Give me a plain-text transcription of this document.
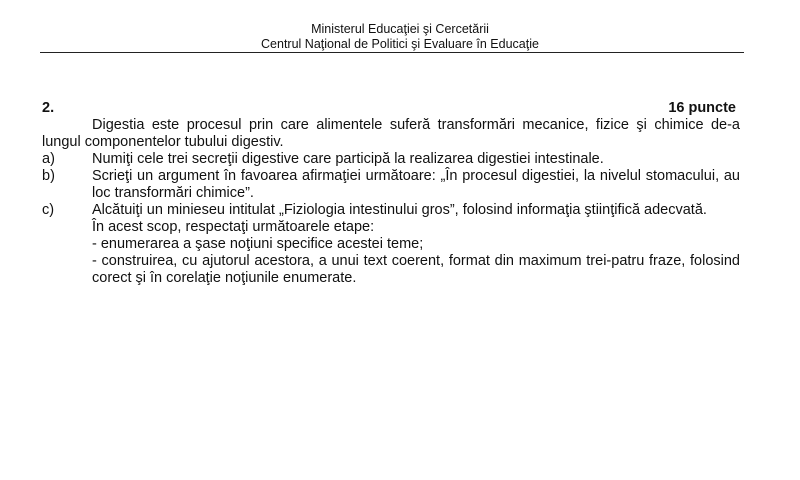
Ministerul Educaţiei şi Cercetării
Centrul Naţional de Politici şi Evaluare în Educaţie
2.	16 puncte

Digestia este procesul prin care alimentele suferă transformări mecanice, fizice şi chimice de-a lungul componentelor tubului digestiv.

a)	Numiţi cele trei secreţii digestive care participă la realizarea digestiei intestinale.
b)	Scrieţi un argument în favoarea afirmaţiei următoare: „În procesul digestiei, la nivelul stomacului, au loc transformări chimice”.
c)	Alcătuiţi un minieseu intitulat „Fiziologia intestinului gros”, folosind informaţia ştiinţifică adecvată.
În acest scop, respectaţi următoarele etape:
- enumerarea a şase noţiuni specifice acestei teme;
- construirea, cu ajutorul acestora, a unui text coerent, format din maximum trei-patru fraze, folosind corect şi în corelaţie noţiunile enumerate.
